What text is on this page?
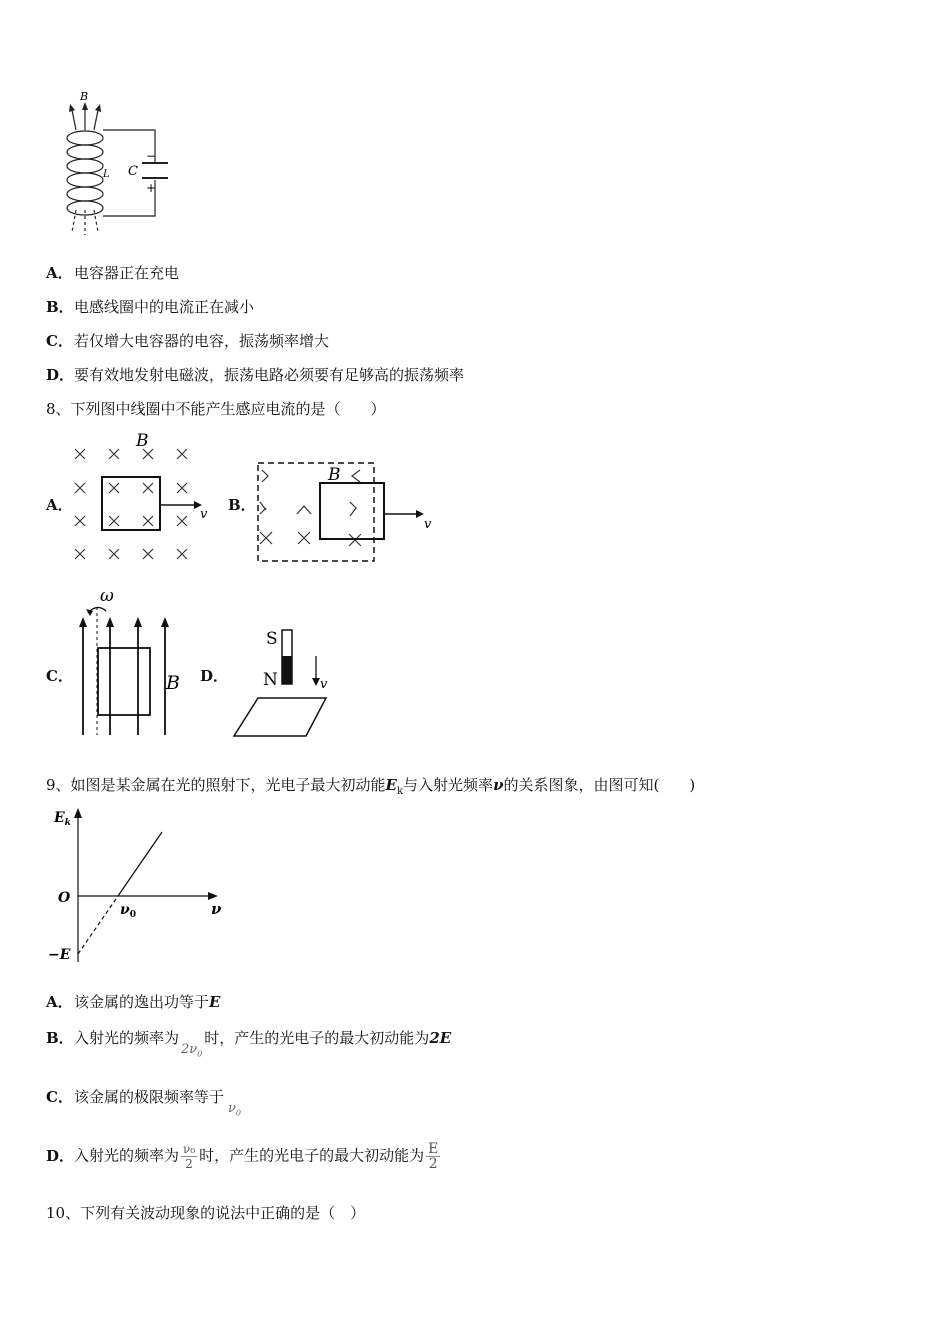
B
C
L
−
+
A．电容器正在充电
B．电感线圈中的电流正在减小
C．若仅增大电容器的电容，振荡频率增大
D．要有效地发射电磁波，振荡电路必须要有足够高的振荡频率
8、下列图中线圈中不能产生感应电流的是（　　）
A．
B
v
B．
B
v
C．
ω
B D．
S
N	v
9、如图是某金属在光的照射下，光电子最大初动能$E_k$与入射光频率ν的关系图象，由图可知(　　)
$E_k$
O
ν
$\nu_0$
−E
A．该金属的逸出功等于E
B．入射光的频率为$2\nu_0$时，产生的光电子的最大初动能为2E
C．该金属的极限频率等于$\nu_0$
D．入射光的频率为 $\frac{\text{ν₀}}{2}$ 时，产生的光电子的最大初动能为 $\frac{E}{2}$
10、下列有关波动现象的说法中正确的是（　）
